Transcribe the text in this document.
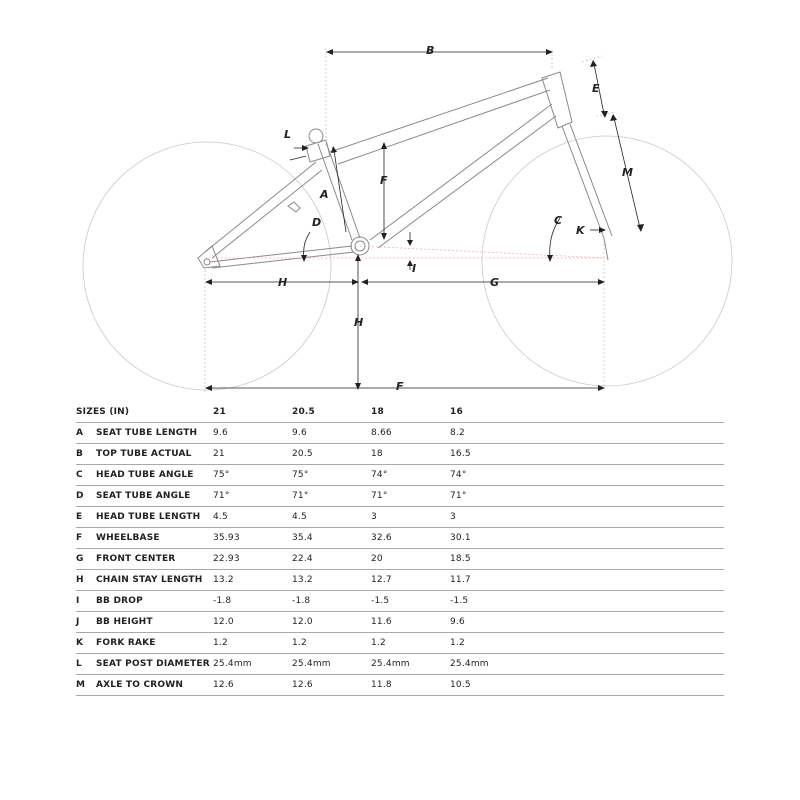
B
E
M
C
K
F
I
A
D
L
H	G
H
F
SIZES (IN)	21	20.5	18	16
A	SEAT TUBE LENGTH	9.6	9.6	8.66	8.2
B	TOP TUBE ACTUAL	21	20.5	18	16.5
C	HEAD TUBE ANGLE	75°	75°	74°	74°
D	SEAT TUBE ANGLE	71°	71°	71°	71°
E	HEAD TUBE LENGTH	4.5	4.5	3	3
F	WHEELBASE	35.93	35.4	32.6	30.1
G	FRONT CENTER	22.93	22.4	20	18.5
H	CHAIN STAY LENGTH	13.2	13.2	12.7	11.7
I	BB DROP	-1.8	-1.8	-1.5	-1.5
J	BB HEIGHT	12.0	12.0	11.6	9.6
K	FORK RAKE	1.2	1.2	1.2	1.2
L	SEAT POST DIAMETER 25.4mm	25.4mm	25.4mm	25.4mm
M	AXLE TO CROWN	12.6	12.6	11.8	10.5
